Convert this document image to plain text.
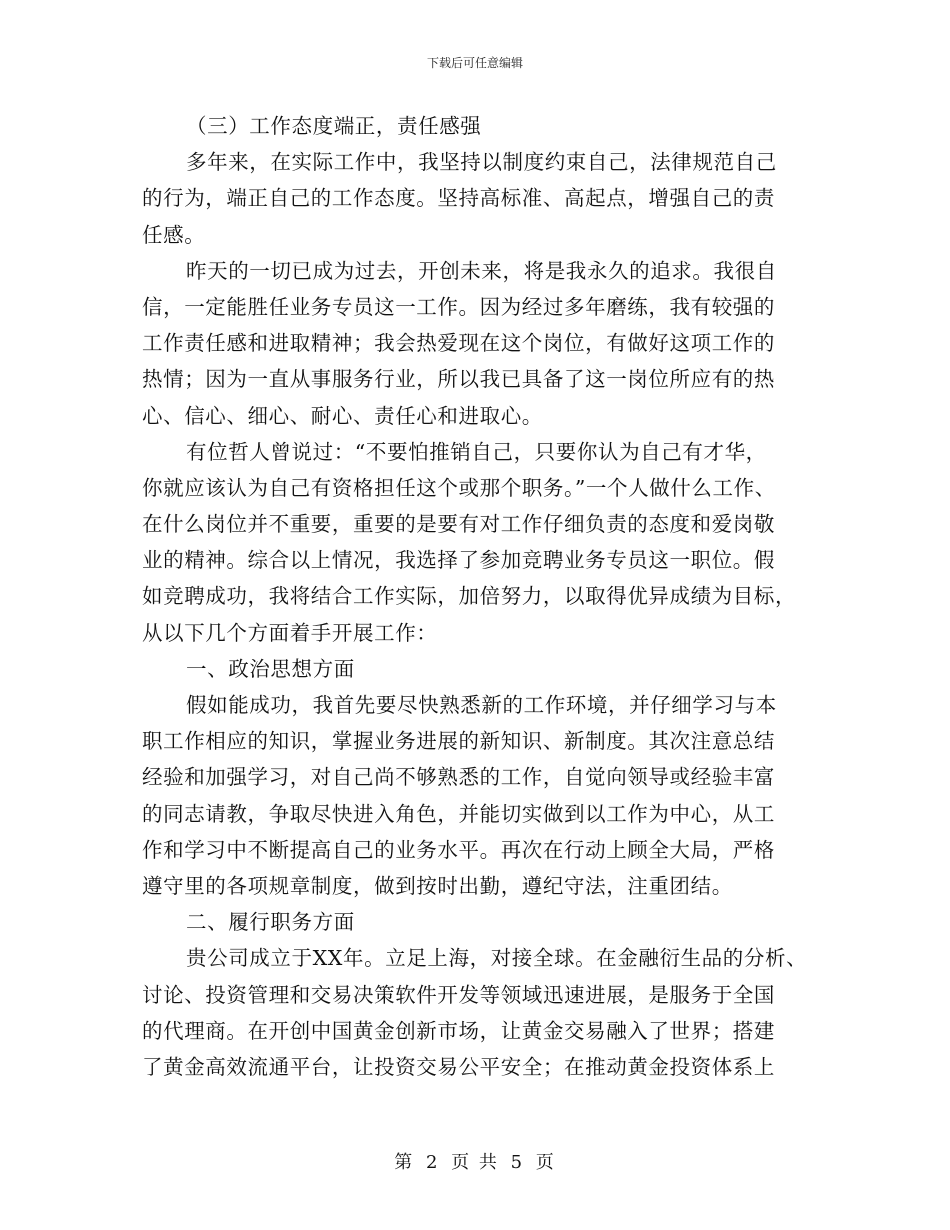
下载后可任意编辑
（三）工作态度端正，责任感强
多年来，在实际工作中，我坚持以制度约束自己，法律规范自己
的行为，端正自己的工作态度。坚持高标准、高起点，增强自己的责
任感。
昨天的一切已成为过去，开创未来，将是我永久的追求。我很自
信，一定能胜任业务专员这一工作。因为经过多年磨练，我有较强的
工作责任感和进取精神；我会热爱现在这个岗位，有做好这项工作的
热情；因为一直从事服务行业，所以我已具备了这一岗位所应有的热
心、信心、细心、耐心、责任心和进取心。
有位哲人曾说过：“不要怕推销自己，只要你认为自己有才华，
你就应该认为自己有资格担任这个或那个职务。”一个人做什么工作、
在什么岗位并不重要，重要的是要有对工作仔细负责的态度和爱岗敬
业的精神。综合以上情况，我选择了参加竞聘业务专员这一职位。假
如竞聘成功，我将结合工作实际，加倍努力，以取得优异成绩为目标，
从以下几个方面着手开展工作：
一、政治思想方面
假如能成功，我首先要尽快熟悉新的工作环境，并仔细学习与本
职工作相应的知识，掌握业务进展的新知识、新制度。其次注意总结
经验和加强学习，对自己尚不够熟悉的工作，自觉向领导或经验丰富
的同志请教，争取尽快进入角色，并能切实做到以工作为中心，从工
作和学习中不断提高自己的业务水平。再次在行动上顾全大局，严格
遵守里的各项规章制度，做到按时出勤，遵纪守法，注重团结。
二、履行职务方面
贵公司成立于XX年。立足上海，对接全球。在金融衍生品的分析、
讨论、投资管理和交易决策软件开发等领域迅速进展，是服务于全国
的代理商。在开创中国黄金创新市场，让黄金交易融入了世界；搭建
了黄金高效流通平台，让投资交易公平安全；在推动黄金投资体系上
第 2 页 共 5 页
